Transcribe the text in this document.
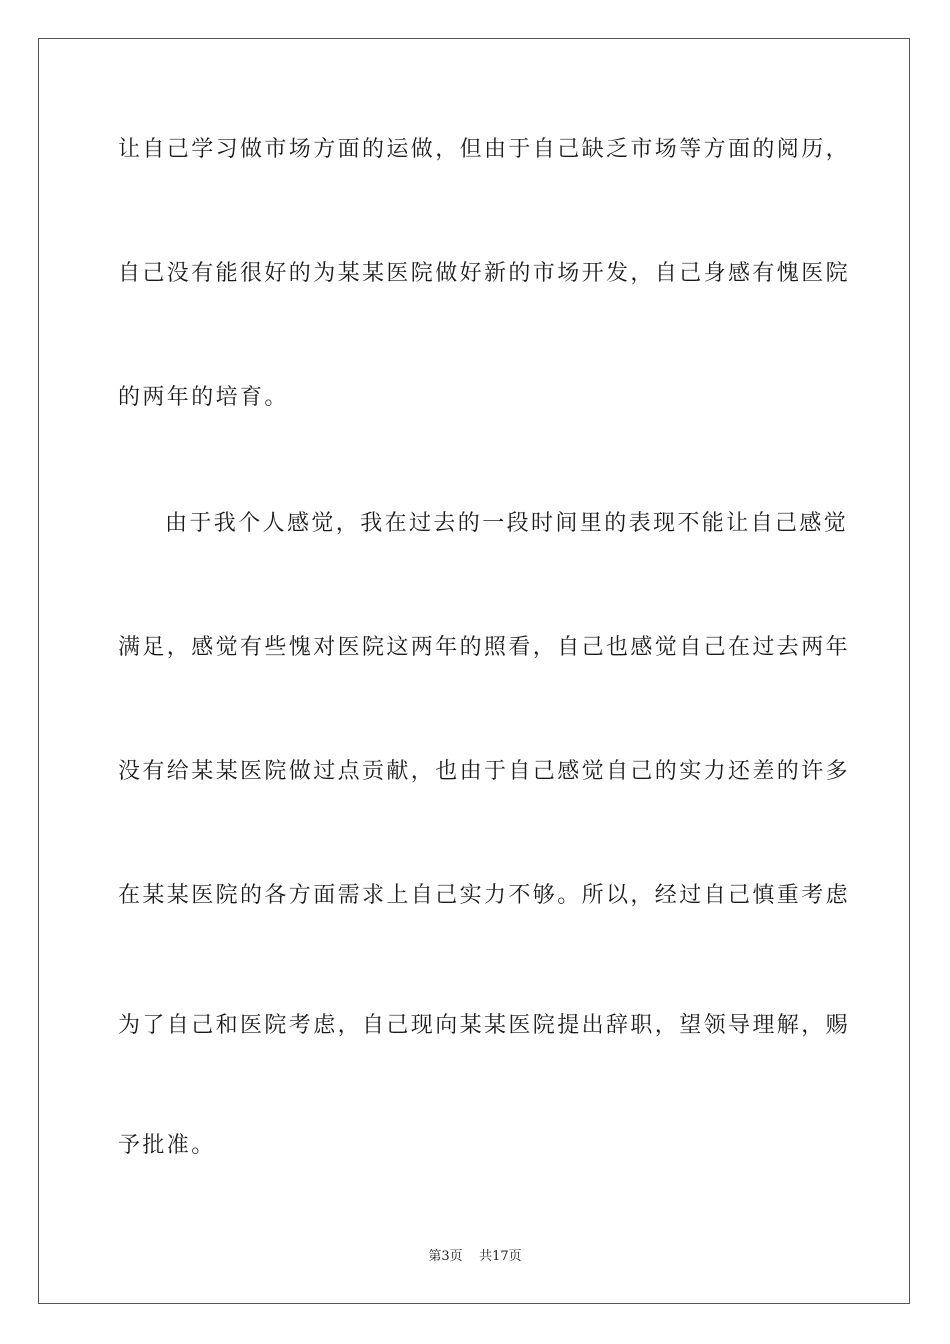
让自己学习做市场方面的运做，但由于自己缺乏市场等方面的阅历，
自己没有能很好的为某某医院做好新的市场开发，自己身感有愧医院
的两年的培育。
由于我个人感觉，我在过去的一段时间里的表现不能让自己感觉
满足，感觉有些愧对医院这两年的照看，自己也感觉自己在过去两年
没有给某某医院做过点贡献，也由于自己感觉自己的实力还差的许多
在某某医院的各方面需求上自己实力不够。所以，经过自己慎重考虑
为了自己和医院考虑，自己现向某某医院提出辞职，望领导理解，赐
予批准。
第3页    共17页
